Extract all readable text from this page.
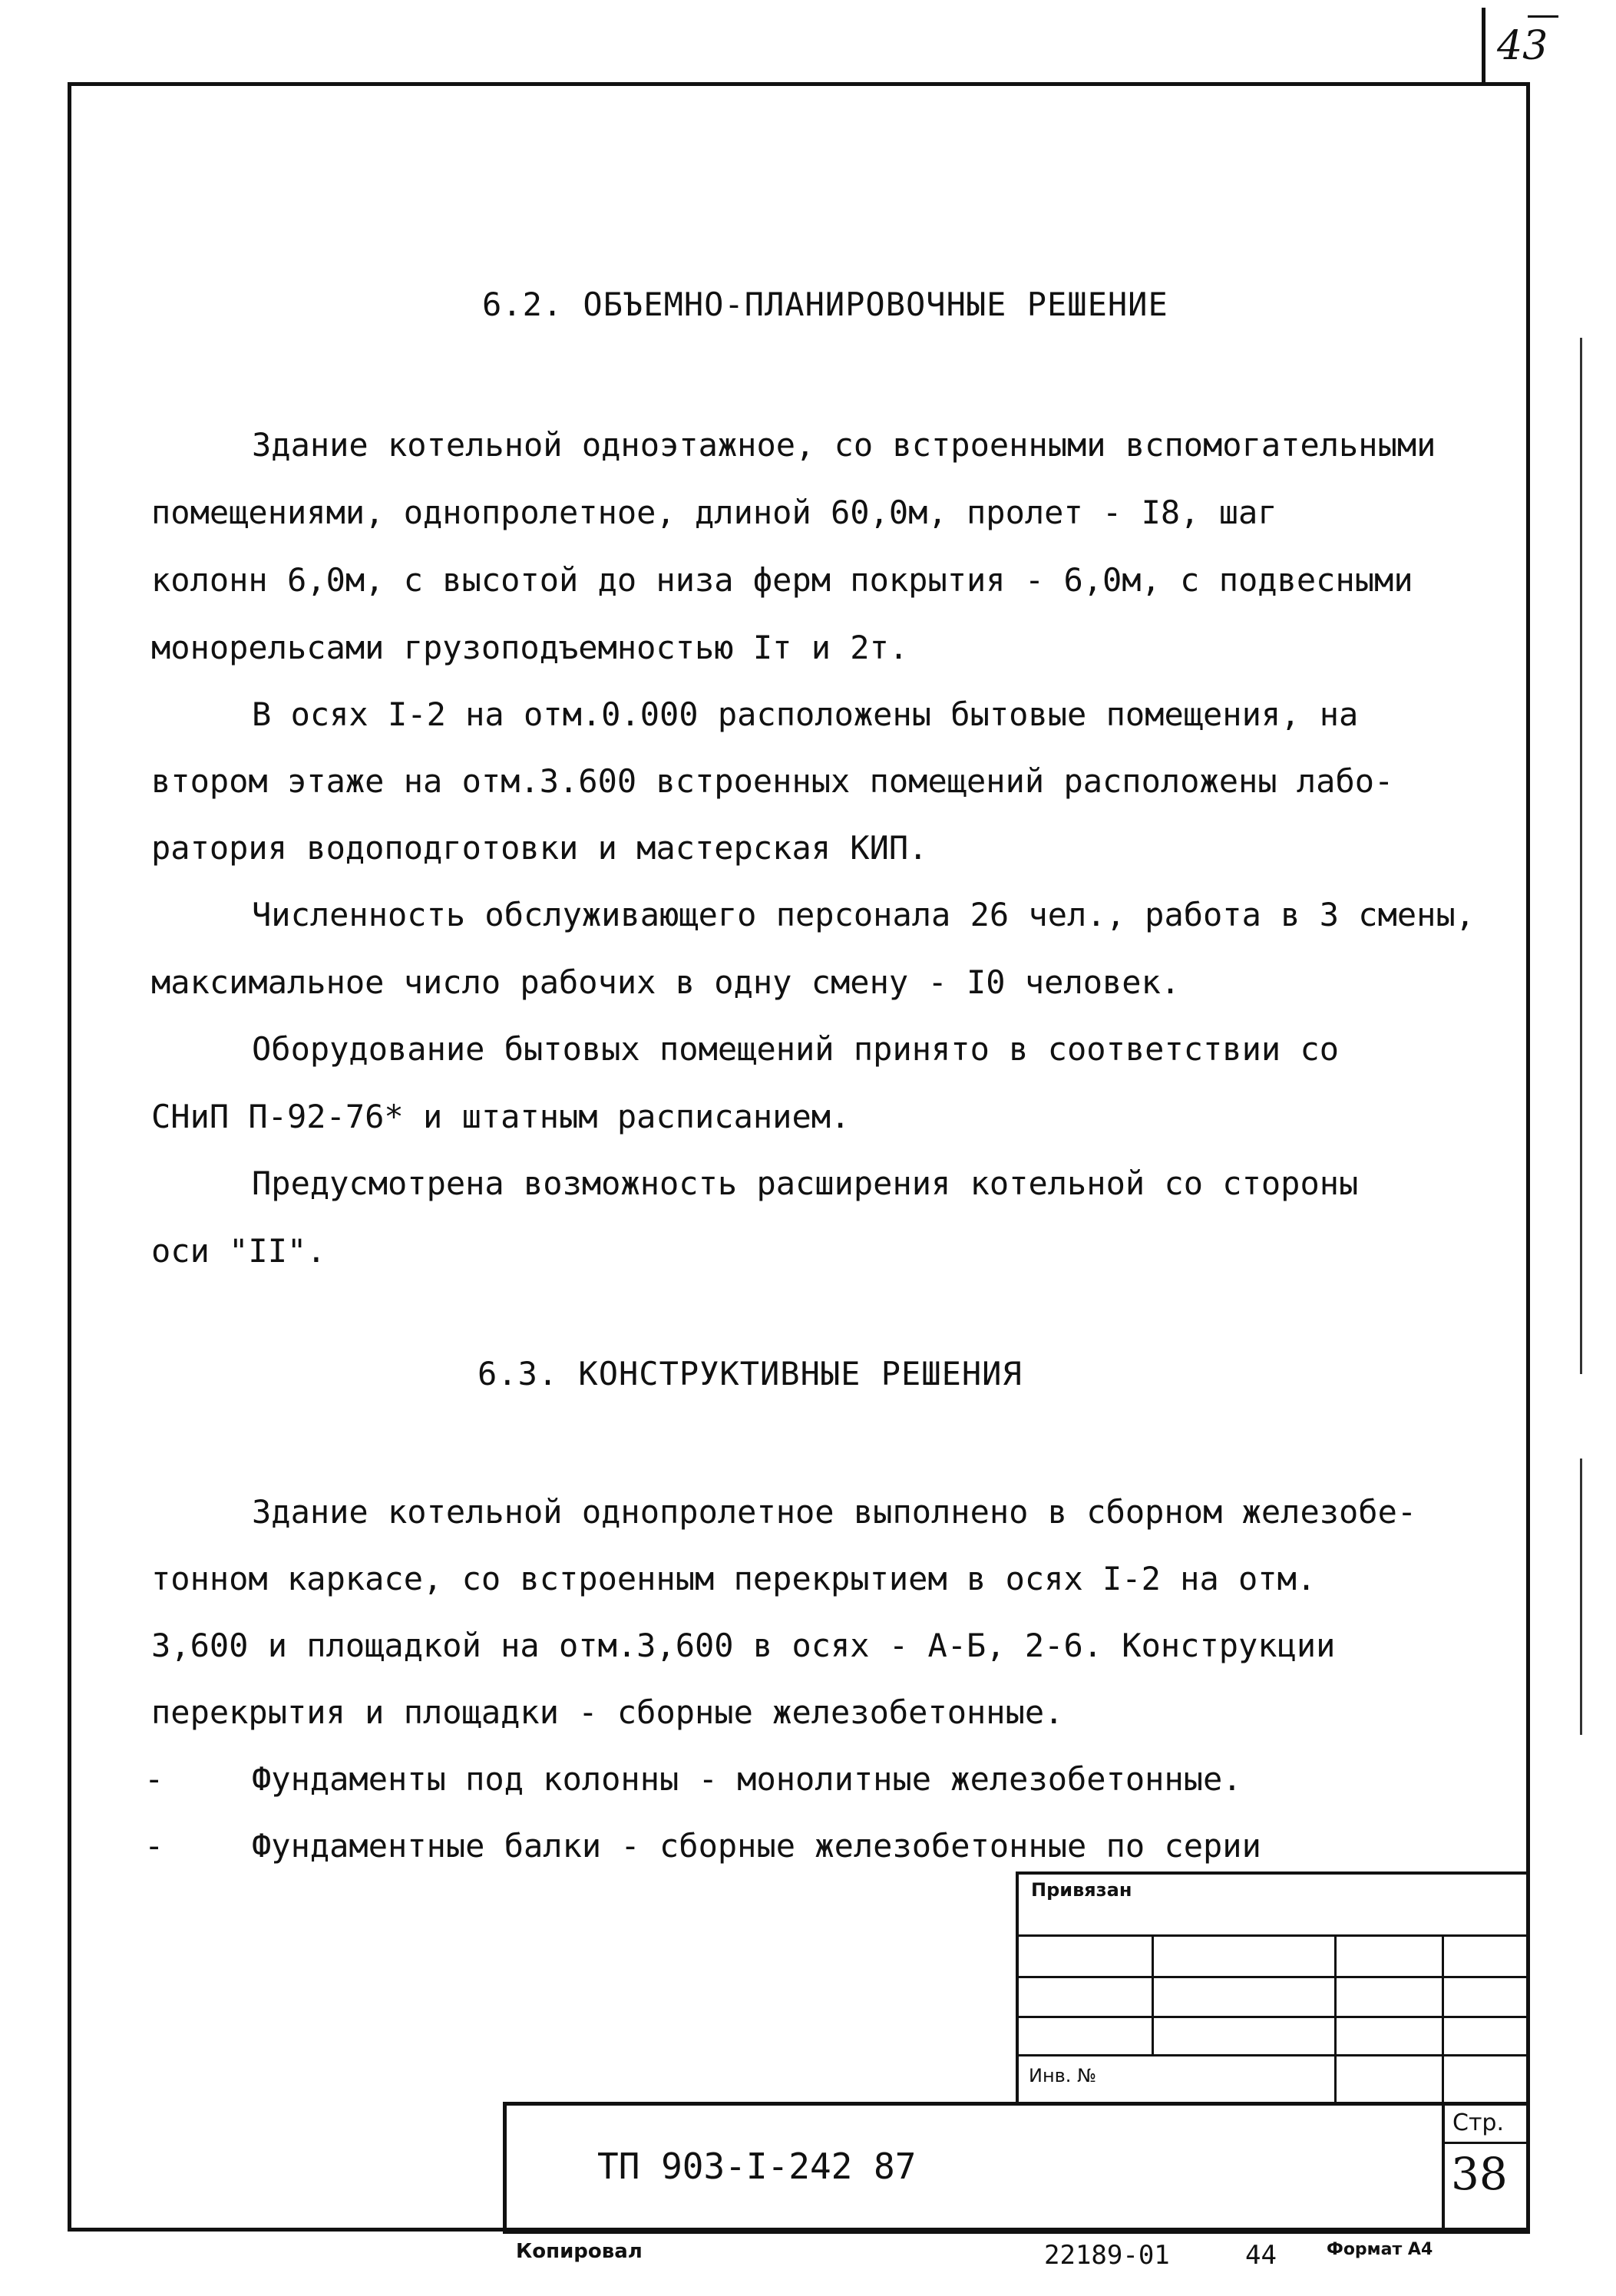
43
6.2. ОБЪЕМНО-ПЛАНИРОВОЧНЫЕ РЕШЕНИЕ
Здание котельной одноэтажное, со встроенными вспомогательными
помещениями, однопролетное, длиной 60,0м, пролет - I8, шаг
колонн 6,0м, с высотой до низа ферм покрытия - 6,0м, с подвесными
монорельсами грузоподъемностью Iт и 2т.
В осях I-2 на отм.0.000 расположены бытовые помещения, на
втором этаже на отм.3.600 встроенных помещений расположены лабо-
ратория водоподготовки и мастерская КИП.
Численность обслуживающего персонала 26 чел., работа в 3 смены,
максимальное число рабочих в одну смену - I0 человек.
Оборудование бытовых помещений принято в соответствии со
СНиП П-92-76* и штатным расписанием.
Предусмотрена возможность расширения котельной со стороны
оси "II".
6.3. КОНСТРУКТИВНЫЕ РЕШЕНИЯ
Здание котельной однопролетное выполнено в сборном железобе-
тонном каркасе, со встроенным перекрытием в осях I-2 на отм.
3,600 и площадкой на отм.3,600 в осях - А-Б, 2-6. Конструкции
перекрытия и площадки - сборные железобетонные.
-	Фундаменты под колонны - монолитные железобетонные.
-	Фундаментные балки - сборные железобетонные по серии
Привязан
Инв. №
ТП 903-I-242 87
Стр.
38
Копировал	22189-01	44	Формат А4
